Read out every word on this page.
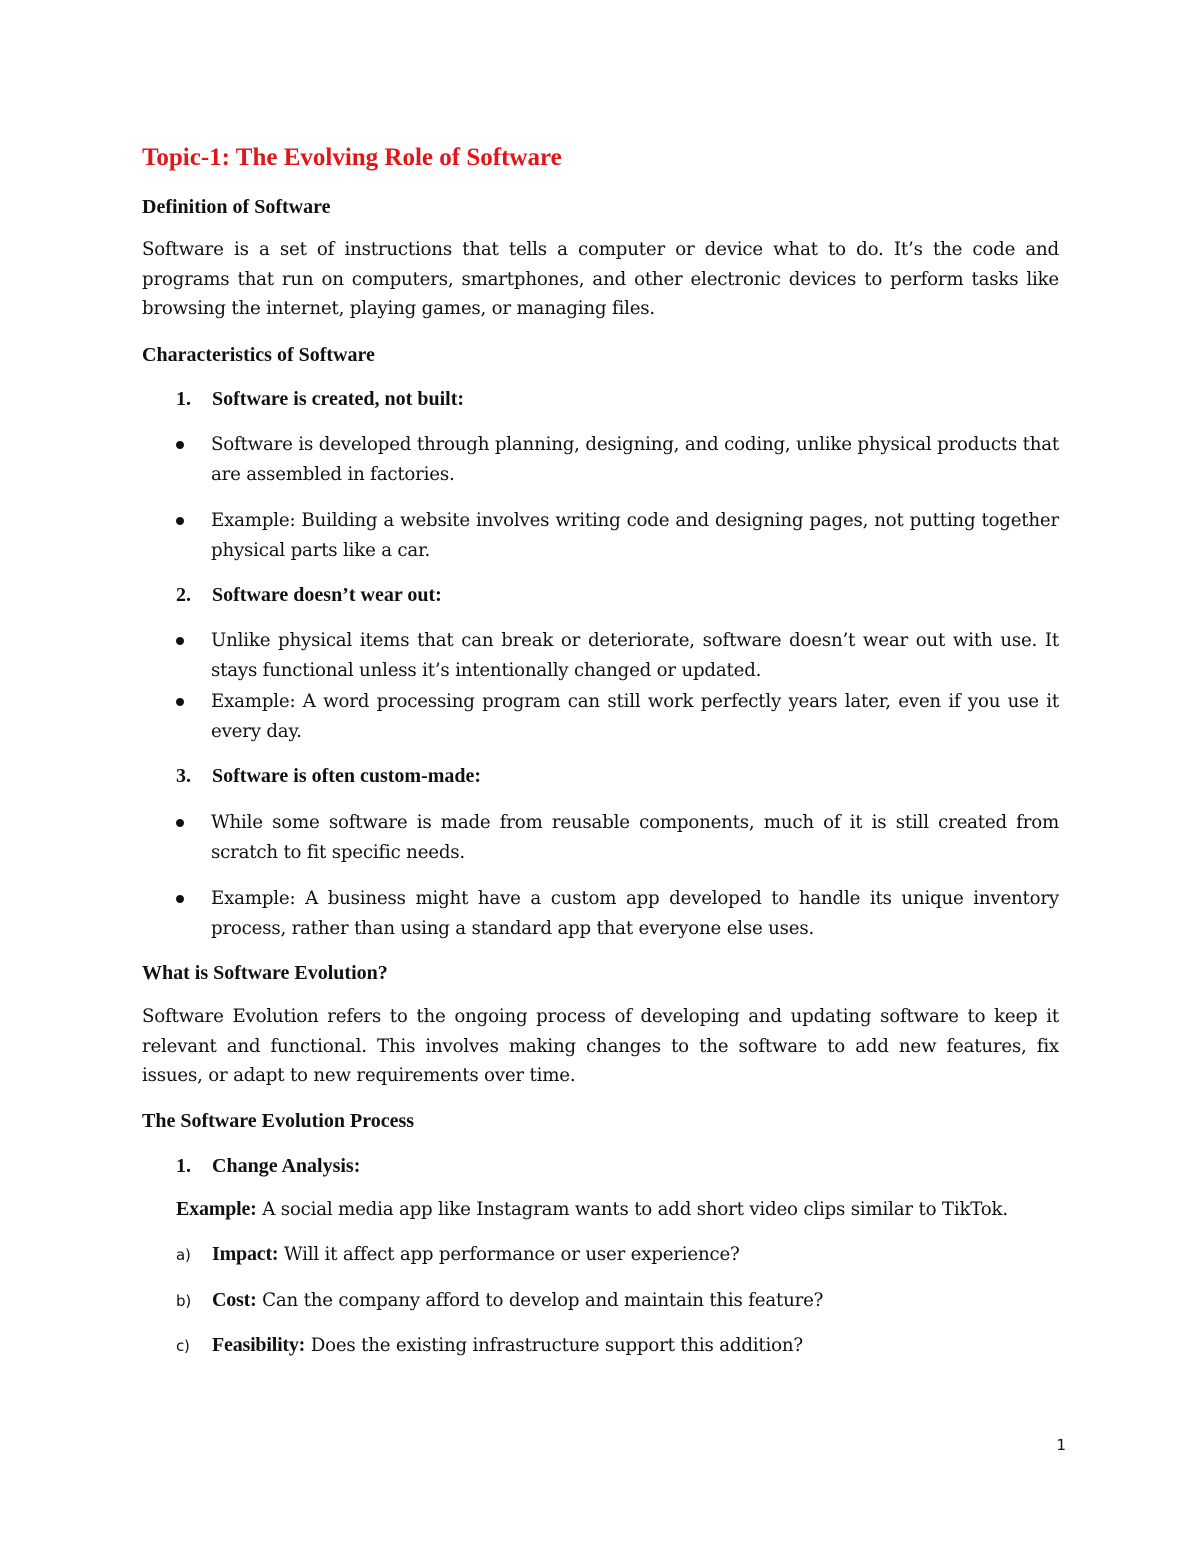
Topic-1: The Evolving Role of Software
Definition of Software
Software is a set of instructions that tells a computer or device what to do. It’s the code and programs that run on computers, smartphones, and other electronic devices to perform tasks like browsing the internet, playing games, or managing files.
Characteristics of Software
1. Software is created, not built:
Software is developed through planning, designing, and coding, unlike physical products that are assembled in factories.
Example: Building a website involves writing code and designing pages, not putting together physical parts like a car.
2. Software doesn’t wear out:
Unlike physical items that can break or deteriorate, software doesn’t wear out with use. It stays functional unless it’s intentionally changed or updated.
Example: A word processing program can still work perfectly years later, even if you use it every day.
3. Software is often custom-made:
While some software is made from reusable components, much of it is still created from scratch to fit specific needs.
Example: A business might have a custom app developed to handle its unique inventory process, rather than using a standard app that everyone else uses.
What is Software Evolution?
Software Evolution refers to the ongoing process of developing and updating software to keep it relevant and functional. This involves making changes to the software to add new features, fix issues, or adapt to new requirements over time.
The Software Evolution Process
1. Change Analysis:
Example: A social media app like Instagram wants to add short video clips similar to TikTok.
a) Impact: Will it affect app performance or user experience?
b) Cost: Can the company afford to develop and maintain this feature?
c) Feasibility: Does the existing infrastructure support this addition?
1
